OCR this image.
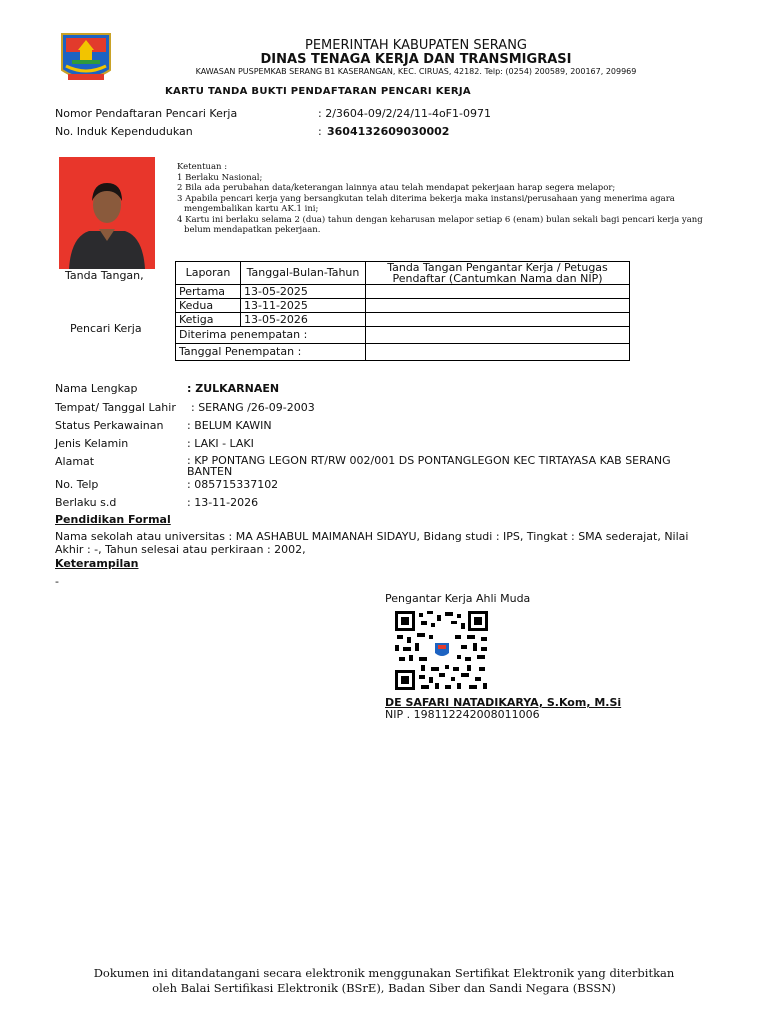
PEMERINTAH KABUPATEN SERANG
DINAS TENAGA KERJA DAN TRANSMIGRASI
KAWASAN PUSPEMKAB SERANG B1 KASERANGAN, KEC. CIRUAS, 42182. Telp: (0254) 200589, 200167, 209969
KARTU TANDA BUKTI PENDAFTARAN PENCARI KERJA
Nomor Pendaftaran Pencari Kerja	: 2/3604-09/2/24/11-4oF1-0971
No. Induk Kependudukan	: 3604132609030002
Tanda Tangan,
Pencari Kerja
Ketentuan :
1 Berlaku Nasional;
2 Bila ada perubahan data/keterangan lainnya atau telah mendapat pekerjaan harap segera melapor;
3 Apabila pencari kerja yang bersangkutan telah diterima bekerja maka instansi/perusahaan yang menerima agara mengembalikan kartu AK.1 ini;
4 Kartu ini berlaku selama 2 (dua) tahun dengan keharusan melapor setiap 6 (enam) bulan sekali bagi pencari kerja yang belum mendapatkan pekerjaan.
Laporan	Tanggal-Bulan-Tahun	Tanda Tangan Pengantar Kerja / Petugas Pendaftar (Cantumkan Nama dan NIP)
Pertama	13-05-2025	
Kedua	13-11-2025	
Ketiga	13-05-2026	
Diterima penempatan :		
Tanggal Penempatan :		
Nama Lengkap	: ZULKARNAEN
Tempat/ Tanggal Lahir	: SERANG /26-09-2003
Status Perkawainan	: BELUM KAWIN
Jenis Kelamin	: LAKI - LAKI
Alamat	: KP PONTANG LEGON RT/RW 002/001 DS PONTANGLEGON KEC TIRTAYASA KAB SERANG BANTEN
No. Telp	: 085715337102
Berlaku s.d	: 13-11-2026
Pendidikan Formal
Nama sekolah atau universitas : MA ASHABUL MAIMANAH SIDAYU, Bidang studi : IPS, Tingkat : SMA sederajat, Nilai Akhir : -, Tahun selesai atau perkiraan : 2002,
Keterampilan
-
Pengantar Kerja Ahli Muda
DE SAFARI NATADIKARYA, S.Kom, M.Si
NIP . 198112242008011006
Dokumen ini ditandatangani secara elektronik menggunakan Sertifikat Elektronik yang diterbitkan
oleh Balai Sertifikasi Elektronik (BSrE), Badan Siber dan Sandi Negara (BSSN)
